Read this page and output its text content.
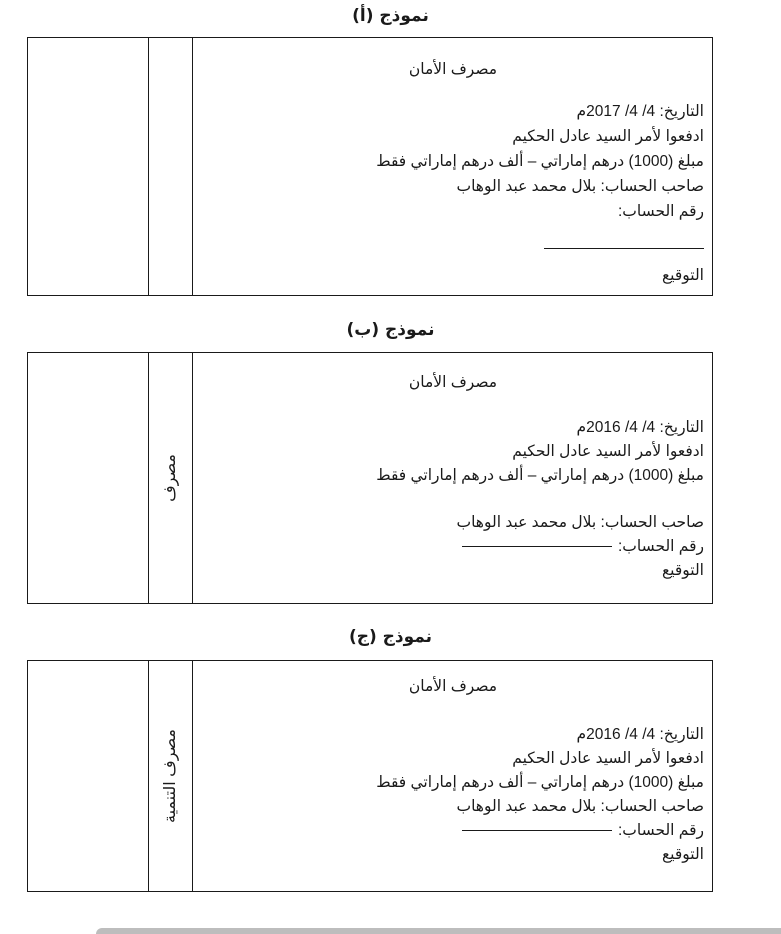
نموذج (أ)
مصرف الأمان
التاريخ: 4/ 4/ 2017م
ادفعوا لأمر السيد عادل الحكيم
مبلغ (1000) درهم إماراتي – ألف درهم إماراتي فقط
صاحب الحساب: بلال محمد عبد الوهاب
رقم الحساب:
التوقيع
نموذج (ب)
مصرف
مصرف الأمان
التاريخ: 4/ 4/ 2016م
ادفعوا لأمر السيد عادل الحكيم
مبلغ (1000) درهم إماراتي – ألف درهم إماراتي فقط
صاحب الحساب: بلال محمد عبد الوهاب
رقم الحساب:
التوقيع
نموذج (ج)
مصرف التنمية
مصرف الأمان
التاريخ: 4/ 4/ 2016م
ادفعوا لأمر السيد عادل الحكيم
مبلغ (1000) درهم إماراتي – ألف درهم إماراتي فقط
صاحب الحساب: بلال محمد عبد الوهاب
رقم الحساب:
التوقيع
